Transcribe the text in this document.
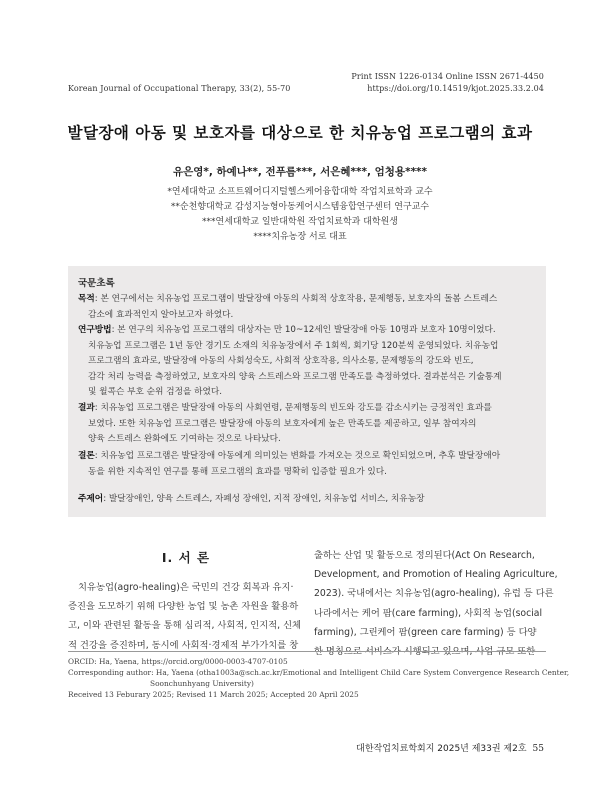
Print ISSN 1226-0134 Online ISSN 2671-4450
Korean Journal of Occupational Therapy, 33(2), 55-70	https://doi.org/10.14519/kjot.2025.33.2.04
발달장애 아동 및 보호자를 대상으로 한 치유농업 프로그램의 효과
유은영*, 하예나**, 전푸름***, 서은혜***, 엄청용****
*연세대학교 소프트웨어디지털헬스케어융합대학 작업치료학과 교수
**순천향대학교 감성지능형아동케어시스템융합연구센터 연구교수
***연세대학교 일반대학원 작업치료학과 대학원생
****치유농장 서로 대표
국문초록
목적: 본 연구에서는 치유농업 프로그램이 발달장애 아동의 사회적 상호작용, 문제행동, 보호자의 돌봄 스트레스
감소에 효과적인지 알아보고자 하였다.
연구방법: 본 연구의 치유농업 프로그램의 대상자는 만 10~12세인 발달장애 아동 10명과 보호자 10명이었다.
치유농업 프로그램은 1년 동안 경기도 소재의 치유농장에서 주 1회씩, 회기당 120분씩 운영되었다. 치유농업
프로그램의 효과로, 발달장애 아동의 사회성숙도, 사회적 상호작용, 의사소통, 문제행동의 강도와 빈도,
감각 처리 능력을 측정하였고, 보호자의 양육 스트레스와 프로그램 만족도를 측정하였다. 결과분석은 기술통계
및 윌콕슨 부호 순위 검정을 하였다.
결과: 치유농업 프로그램은 발달장애 아동의 사회연령, 문제행동의 빈도와 강도를 감소시키는 긍정적인 효과를
보였다. 또한 치유농업 프로그램은 발달장애 아동의 보호자에게 높은 만족도를 제공하고, 일부 참여자의
양육 스트레스 완화에도 기여하는 것으로 나타났다.
결론: 치유농업 프로그램은 발달장애 아동에게 의미있는 변화를 가져오는 것으로 확인되었으며, 추후 발달장애아
동을 위한 지속적인 연구를 통해 프로그램의 효과를 명확히 입증할 필요가 있다.
주제어: 발달장애인, 양육 스트레스, 자폐성 장애인, 지적 장애인, 치유농업 서비스, 치유농장
Ⅰ. 서 론
치유농업(agro-healing)은 국민의 건강 회복과 유지·
증진을 도모하기 위해 다양한 농업 및 농촌 자원을 활용하
고, 이와 관련된 활동을 통해 심리적, 사회적, 인지적, 신체
적 건강을 증진하며, 동시에 사회적·경제적 부가가치를 창
출하는 산업 및 활동으로 정의된다(Act On Research,
Development, and Promotion of Healing Agriculture,
2023). 국내에서는 치유농업(agro-healing), 유럽 등 다른
나라에서는 케어 팜(care farming), 사회적 농업(social
farming), 그린케어 팜(green care farming) 등 다양
한 명칭으로 서비스가 시행되고 있으며, 사업 규모 또한
ORCID: Ha, Yaena, https://orcid.org/0000-0003-4707-0105
Corresponding author: Ha, Yaena (otha1003a@sch.ac.kr/Emotional and Intelligent Child Care System Convergence Research Center,
Soonchunhyang University)
Received 13 Feburary 2025; Revised 11 March 2025; Accepted 20 April 2025
대한작업치료학회지 2025년 제33권 제2호 55
